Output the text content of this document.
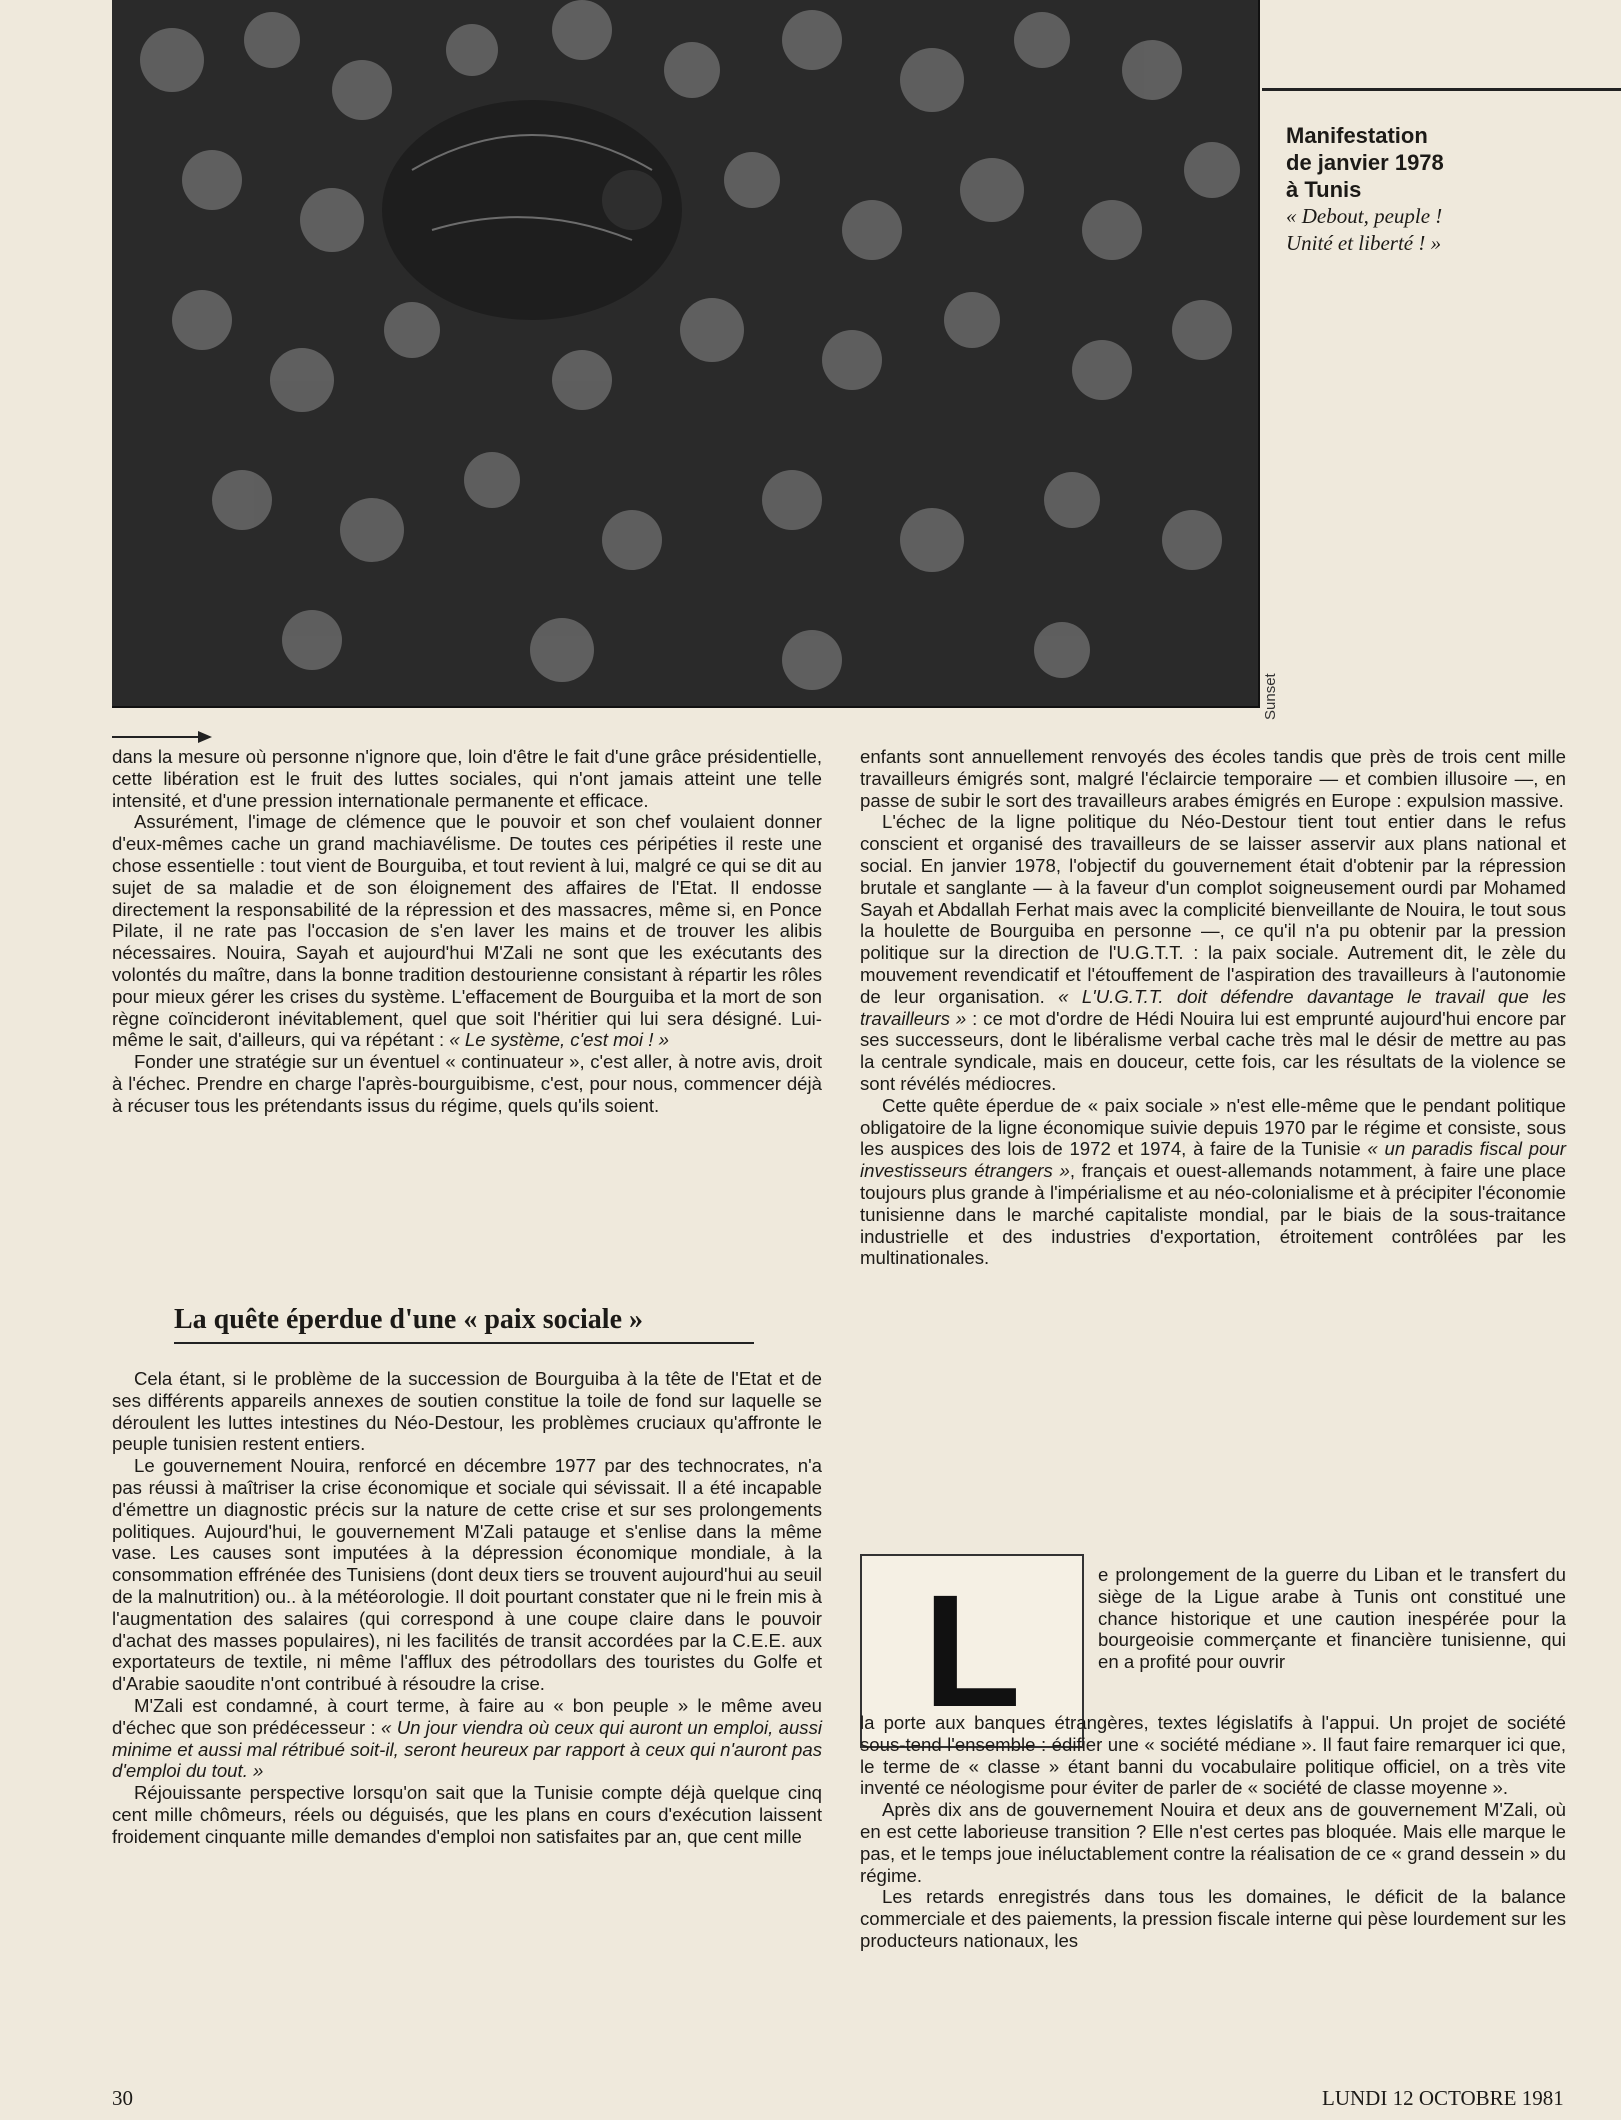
Sunset
Manifestation
de janvier 1978
à Tunis
« Debout, peuple !
Unité et liberté ! »

dans la mesure où personne n'ignore que, loin d'être le fait d'une grâce présidentielle, cette libération est le fruit des luttes sociales, qui n'ont jamais atteint une telle intensité, et d'une pression internationale permanente et efficace.

Assurément, l'image de clémence que le pouvoir et son chef voulaient donner d'eux-mêmes cache un grand machiavélisme. De toutes ces péripéties il reste une chose essentielle : tout vient de Bourguiba, et tout revient à lui, malgré ce qui se dit au sujet de sa maladie et de son éloignement des affaires de l'Etat. Il endosse directement la responsabilité de la répression et des massacres, même si, en Ponce Pilate, il ne rate pas l'occasion de s'en laver les mains et de trouver les alibis nécessaires. Nouira, Sayah et aujourd'hui M'Zali ne sont que les exécutants des volontés du maître, dans la bonne tradition destourienne consistant à répartir les rôles pour mieux gérer les crises du système. L'effacement de Bourguiba et la mort de son règne coïncideront inévitablement, quel que soit l'héritier qui lui sera désigné. Lui-même le sait, d'ailleurs, qui va répétant : « Le système, c'est moi ! »

Fonder une stratégie sur un éventuel « continuateur », c'est aller, à notre avis, droit à l'échec. Prendre en charge l'après-bourguibisme, c'est, pour nous, commencer déjà à récuser tous les prétendants issus du régime, quels qu'ils soient.

La quête éperdue d'une « paix sociale »

Cela étant, si le problème de la succession de Bourguiba à la tête de l'Etat et de ses différents appareils annexes de soutien constitue la toile de fond sur laquelle se déroulent les luttes intestines du Néo-Destour, les problèmes cruciaux qu'affronte le peuple tunisien restent entiers.

Le gouvernement Nouira, renforcé en décembre 1977 par des technocrates, n'a pas réussi à maîtriser la crise économique et sociale qui sévissait. Il a été incapable d'émettre un diagnostic précis sur la nature de cette crise et sur ses prolongements politiques. Aujourd'hui, le gouvernement M'Zali patauge et s'enlise dans la même vase. Les causes sont imputées à la dépression économique mondiale, à la consommation effrénée des Tunisiens (dont deux tiers se trouvent aujourd'hui au seuil de la malnutrition) ou.. à la météorologie. Il doit pourtant constater que ni le frein mis à l'augmentation des salaires (qui correspond à une coupe claire dans le pouvoir d'achat des masses populaires), ni les facilités de transit accordées par la C.E.E. aux exportateurs de textile, ni même l'afflux des pétrodollars des touristes du Golfe et d'Arabie saoudite n'ont contribué à résoudre la crise.

M'Zali est condamné, à court terme, à faire au « bon peuple » le même aveu d'échec que son prédécesseur : « Un jour viendra où ceux qui auront un emploi, aussi minime et aussi mal rétribué soit-il, seront heureux par rapport à ceux qui n'auront pas d'emploi du tout. »

Réjouissante perspective lorsqu'on sait que la Tunisie compte déjà quelque cinq cent mille chômeurs, réels ou déguisés, que les plans en cours d'exécution laissent froidement cinquante mille demandes d'emploi non satisfaites par an, que cent mille

enfants sont annuellement renvoyés des écoles tandis que près de trois cent mille travailleurs émigrés sont, malgré l'éclaircie temporaire — et combien illusoire —, en passe de subir le sort des travailleurs arabes émigrés en Europe : expulsion massive.

L'échec de la ligne politique du Néo-Destour tient tout entier dans le refus conscient et organisé des travailleurs de se laisser asservir aux plans national et social. En janvier 1978, l'objectif du gouvernement était d'obtenir par la répression brutale et sanglante — à la faveur d'un complot soigneusement ourdi par Mohamed Sayah et Abdallah Ferhat mais avec la complicité bienveillante de Nouira, le tout sous la houlette de Bourguiba en personne —, ce qu'il n'a pu obtenir par la pression politique sur la direction de l'U.G.T.T. : la paix sociale. Autrement dit, le zèle du mouvement revendicatif et l'étouffement de l'aspiration des travailleurs à l'autonomie de leur organisation. « L'U.G.T.T. doit défendre davantage le travail que les travailleurs » : ce mot d'ordre de Hédi Nouira lui est emprunté aujourd'hui encore par ses successeurs, dont le libéralisme verbal cache très mal le désir de mettre au pas la centrale syndicale, mais en douceur, cette fois, car les résultats de la violence se sont révélés médiocres.

Cette quête éperdue de « paix sociale » n'est elle-même que le pendant politique obligatoire de la ligne économique suivie depuis 1970 par le régime et consiste, sous les auspices des lois de 1972 et 1974, à faire de la Tunisie « un paradis fiscal pour investisseurs étrangers », français et ouest-allemands notamment, à faire une place toujours plus grande à l'impérialisme et au néo-colonialisme et à précipiter l'économie tunisienne dans le marché capitaliste mondial, par le biais de la sous-traitance industrielle et des industries d'exportation, étroitement contrôlées par les multinationales.

L	e prolongement de la guerre du Liban et le transfert du siège de la Ligue arabe à Tunis ont constitué une chance historique et une caution inespérée pour la bourgeoisie commerçante et financière tunisienne, qui en a profité pour ouvrir

la porte aux banques étrangères, textes législatifs à l'appui. Un projet de société sous-tend l'ensemble : édifier une « société médiane ». Il faut faire remarquer ici que, le terme de « classe » étant banni du vocabulaire politique officiel, on a très vite inventé ce néologisme pour éviter de parler de « société de classe moyenne ».

Après dix ans de gouvernement Nouira et deux ans de gouvernement M'Zali, où en est cette laborieuse transition ? Elle n'est certes pas bloquée. Mais elle marque le pas, et le temps joue inéluctablement contre la réalisation de ce « grand dessein » du régime.

Les retards enregistrés dans tous les domaines, le déficit de la balance commerciale et des paiements, la pression fiscale interne qui pèse lourdement sur les producteurs nationaux, les

30	LUNDI 12 OCTOBRE 1981
